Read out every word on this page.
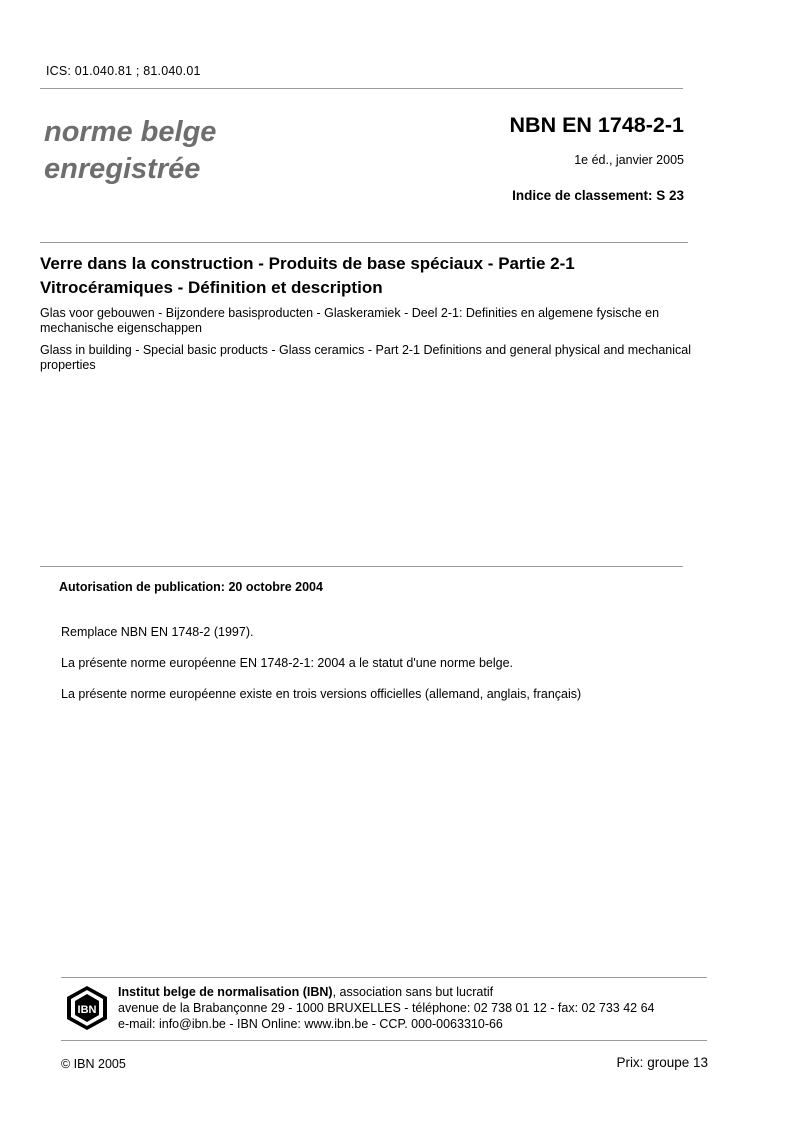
ICS: 01.040.81 ; 81.040.01
norme belge
enregistrée
NBN EN 1748-2-1
1e éd., janvier 2005
Indice de classement: S 23
Verre dans la construction - Produits de base spéciaux - Partie 2-1
Vitrocéramiques - Définition et description
Glas voor gebouwen - Bijzondere basisproducten - Glaskeramiek - Deel 2-1: Definities en algemene fysische en mechanische eigenschappen
Glass in building - Special basic products - Glass ceramics - Part 2-1 Definitions and general physical and mechanical properties
Autorisation de publication: 20 octobre 2004
Remplace NBN EN 1748-2 (1997).
La présente norme européenne EN 1748-2-1: 2004 a le statut d'une norme belge.
La présente norme européenne existe en trois versions officielles (allemand, anglais, français)
IBN
Institut belge de normalisation (IBN), association sans but lucratif
avenue de la Brabançonne 29 - 1000 BRUXELLES - téléphone: 02 738 01 12 - fax: 02 733 42 64
e-mail: info@ibn.be - IBN Online: www.ibn.be - CCP. 000-0063310-66
© IBN 2005	Prix: groupe 13
